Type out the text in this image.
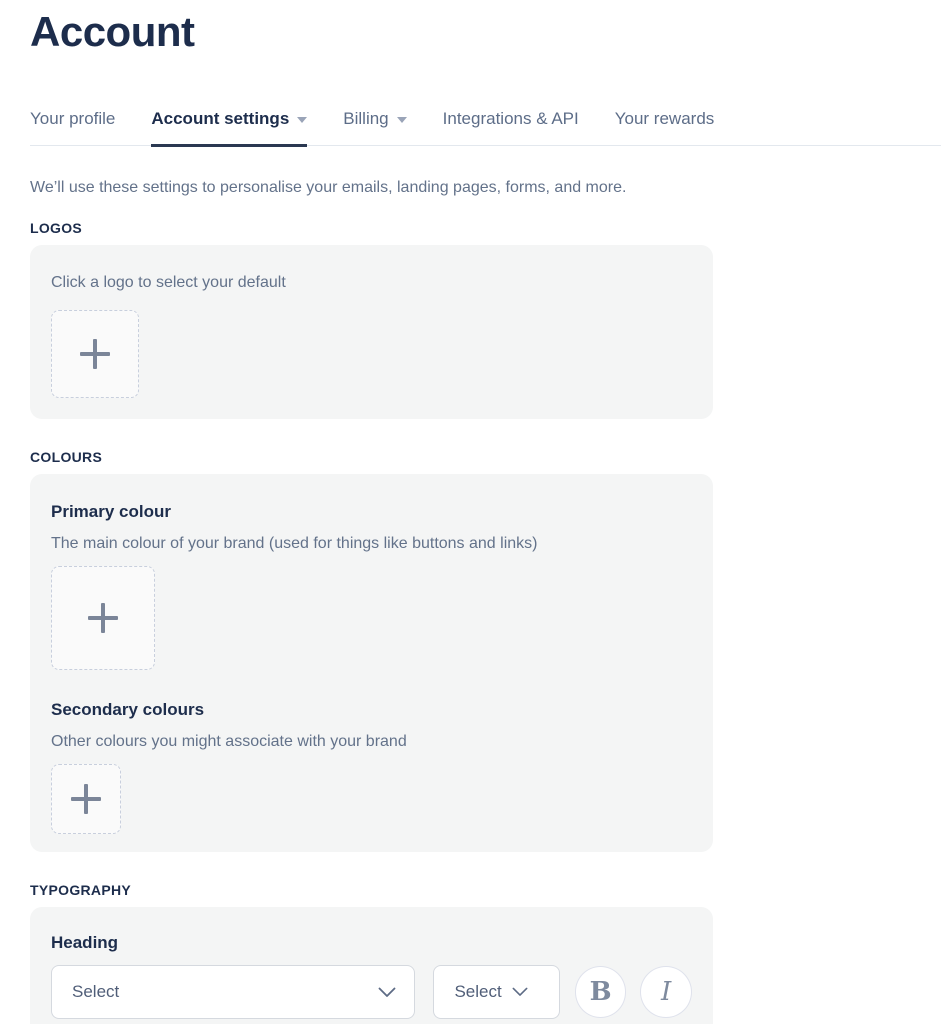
Account
Your profile Account settings	Billing	Integrations & API Your rewards

We’ll use these settings to personalise your emails, landing pages, forms, and more.

LOGOS

Click a logo to select your default

COLOURS
Primary colour

The main colour of your brand (used for things like buttons and links)

Secondary colours

Other colours you might associate with your brand

TYPOGRAPHY
Heading
Select	Select	B I
